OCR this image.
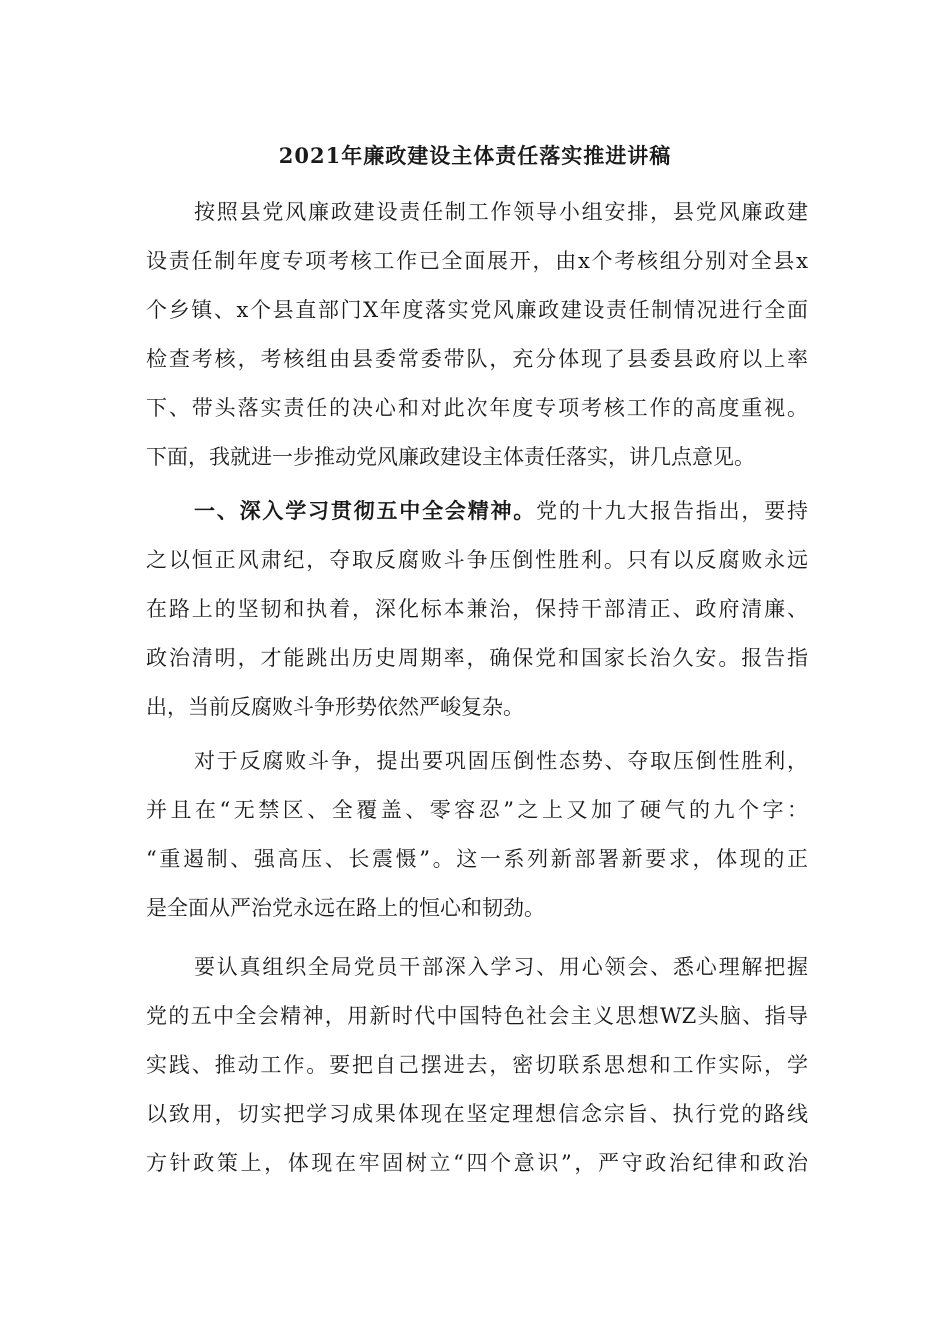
2021年廉政建设主体责任落实推进讲稿
按照县党风廉政建设责任制工作领导小组安排，县党风廉政建
设责任制年度专项考核工作已全面展开，由x个考核组分别对全县x
个乡镇、x个县直部门X年度落实党风廉政建设责任制情况进行全面
检查考核，考核组由县委常委带队，充分体现了县委县政府以上率
下、带头落实责任的决心和对此次年度专项考核工作的高度重视。
下面，我就进一步推动党风廉政建设主体责任落实，讲几点意见。
一、深入学习贯彻五中全会精神。党的十九大报告指出，要持
之以恒正风肃纪，夺取反腐败斗争压倒性胜利。只有以反腐败永远
在路上的坚韧和执着，深化标本兼治，保持干部清正、政府清廉、
政治清明，才能跳出历史周期率，确保党和国家长治久安。报告指
出，当前反腐败斗争形势依然严峻复杂。
对于反腐败斗争，提出要巩固压倒性态势、夺取压倒性胜利，
并且在“无禁区、全覆盖、零容忍”之上又加了硬气的九个字：
“重遏制、强高压、长震慑”。这一系列新部署新要求，体现的正
是全面从严治党永远在路上的恒心和韧劲。
要认真组织全局党员干部深入学习、用心领会、悉心理解把握
党的五中全会精神，用新时代中国特色社会主义思想WZ头脑、指导
实践、推动工作。要把自己摆进去，密切联系思想和工作实际，学
以致用，切实把学习成果体现在坚定理想信念宗旨、执行党的路线
方针政策上，体现在牢固树立“四个意识”，严守政治纪律和政治
